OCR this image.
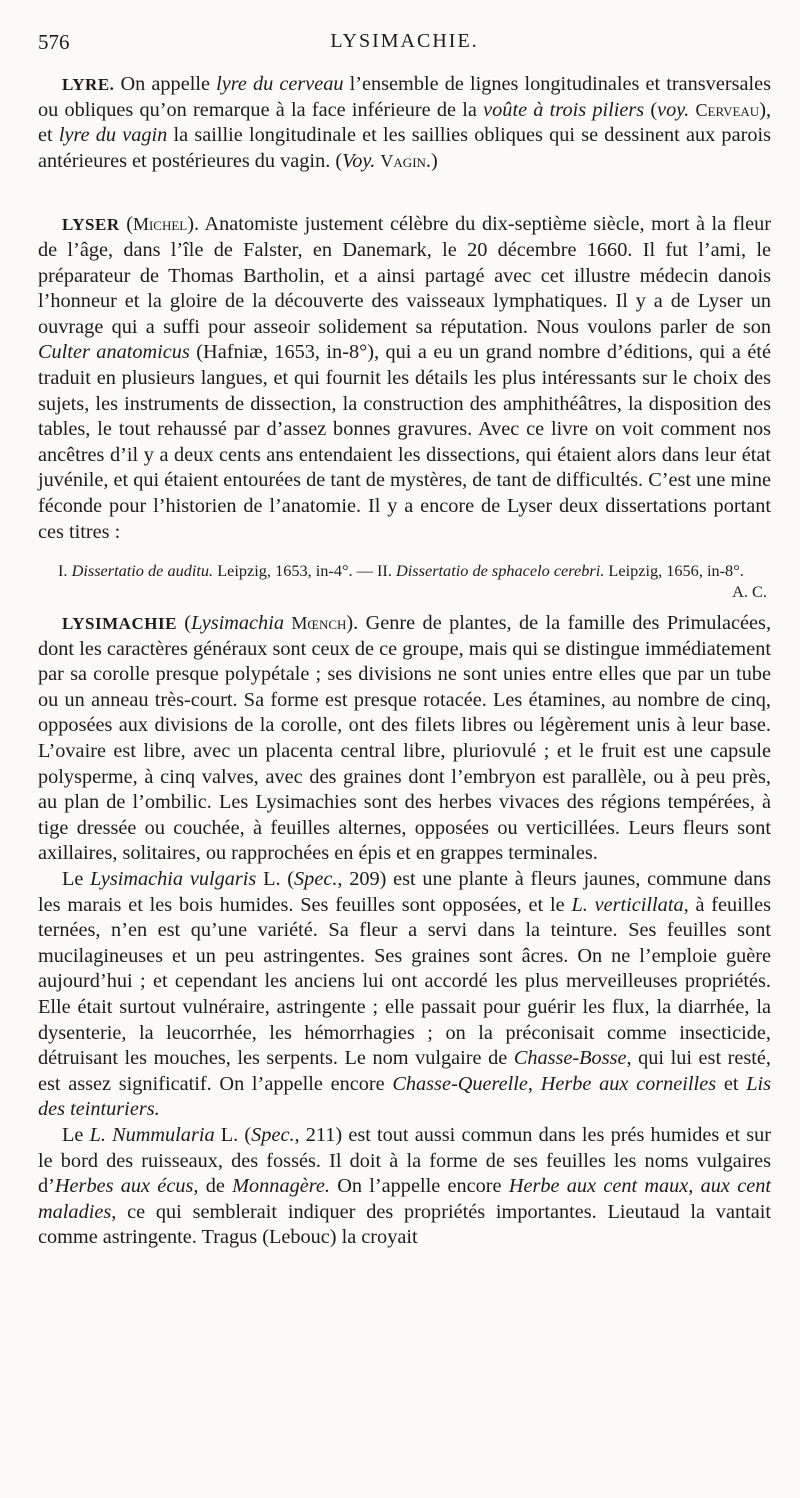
576	LYSIMACHIE.

LYRE. On appelle lyre du cerveau l’ensemble de lignes longitudinales et transversales ou obliques qu’on remarque à la face inférieure de la voûte à trois piliers (voy. Cerveau), et lyre du vagin la saillie longitudinale et les saillies obliques qui se dessinent aux parois antérieures et postérieures du vagin. (Voy. Vagin.)

LYSER (Michel). Anatomiste justement célèbre du dix-septième siècle, mort à la fleur de l’âge, dans l’île de Falster, en Danemark, le 20 décembre 1660. Il fut l’ami, le préparateur de Thomas Bartholin, et a ainsi partagé avec cet illustre médecin danois l’honneur et la gloire de la découverte des vaisseaux lymphatiques. Il y a de Lyser un ouvrage qui a suffi pour asseoir solidement sa réputation. Nous voulons parler de son Culter anatomicus (Hafniæ, 1653, in-8°), qui a eu un grand nombre d’éditions, qui a été traduit en plusieurs langues, et qui fournit les détails les plus intéressants sur le choix des sujets, les instruments de dissection, la construction des amphithéâtres, la disposition des tables, le tout rehaussé par d’assez bonnes gravures. Avec ce livre on voit comment nos ancêtres d’il y a deux cents ans entendaient les dissections, qui étaient alors dans leur état juvénile, et qui étaient entourées de tant de mystères, de tant de difficultés. C’est une mine féconde pour l’historien de l’anatomie. Il y a encore de Lyser deux dissertations portant ces titres :

I. Dissertatio de auditu. Leipzig, 1653, in-4°. — II. Dissertatio de sphacelo cerebri. Leipzig, 1656, in-8°.
A. C.

LYSIMACHIE (Lysimachia Mœnch). Genre de plantes, de la famille des Primulacées, dont les caractères généraux sont ceux de ce groupe, mais qui se distingue immédiatement par sa corolle presque polypétale ; ses divisions ne sont unies entre elles que par un tube ou un anneau très-court. Sa forme est presque rotacée. Les étamines, au nombre de cinq, opposées aux divisions de la corolle, ont des filets libres ou légèrement unis à leur base. L’ovaire est libre, avec un placenta central libre, pluriovulé ; et le fruit est une capsule polysperme, à cinq valves, avec des graines dont l’embryon est parallèle, ou à peu près, au plan de l’ombilic. Les Lysimachies sont des herbes vivaces des régions tempérées, à tige dressée ou couchée, à feuilles alternes, opposées ou verticillées. Leurs fleurs sont axillaires, solitaires, ou rapprochées en épis et en grappes terminales.

Le Lysimachia vulgaris L. (Spec., 209) est une plante à fleurs jaunes, commune dans les marais et les bois humides. Ses feuilles sont opposées, et le L. verticillata, à feuilles ternées, n’en est qu’une variété. Sa fleur a servi dans la teinture. Ses feuilles sont mucilagineuses et un peu astringentes. Ses graines sont âcres. On ne l’emploie guère aujourd’hui ; et cependant les anciens lui ont accordé les plus merveilleuses propriétés. Elle était surtout vulnéraire, astringente ; elle passait pour guérir les flux, la diarrhée, la dysenterie, la leucorrhée, les hémorrhagies ; on la préconisait comme insecticide, détruisant les mouches, les serpents. Le nom vulgaire de Chasse-Bosse, qui lui est resté, est assez significatif. On l’appelle encore Chasse-Querelle, Herbe aux corneilles et Lis des teinturiers.

Le L. Nummularia L. (Spec., 211) est tout aussi commun dans les prés humides et sur le bord des ruisseaux, des fossés. Il doit à la forme de ses feuilles les noms vulgaires d’Herbes aux écus, de Monnagère. On l’appelle encore Herbe aux cent maux, aux cent maladies, ce qui semblerait indiquer des propriétés importantes. Lieutaud la vantait comme astringente. Tragus (Lebouc) la croyait
